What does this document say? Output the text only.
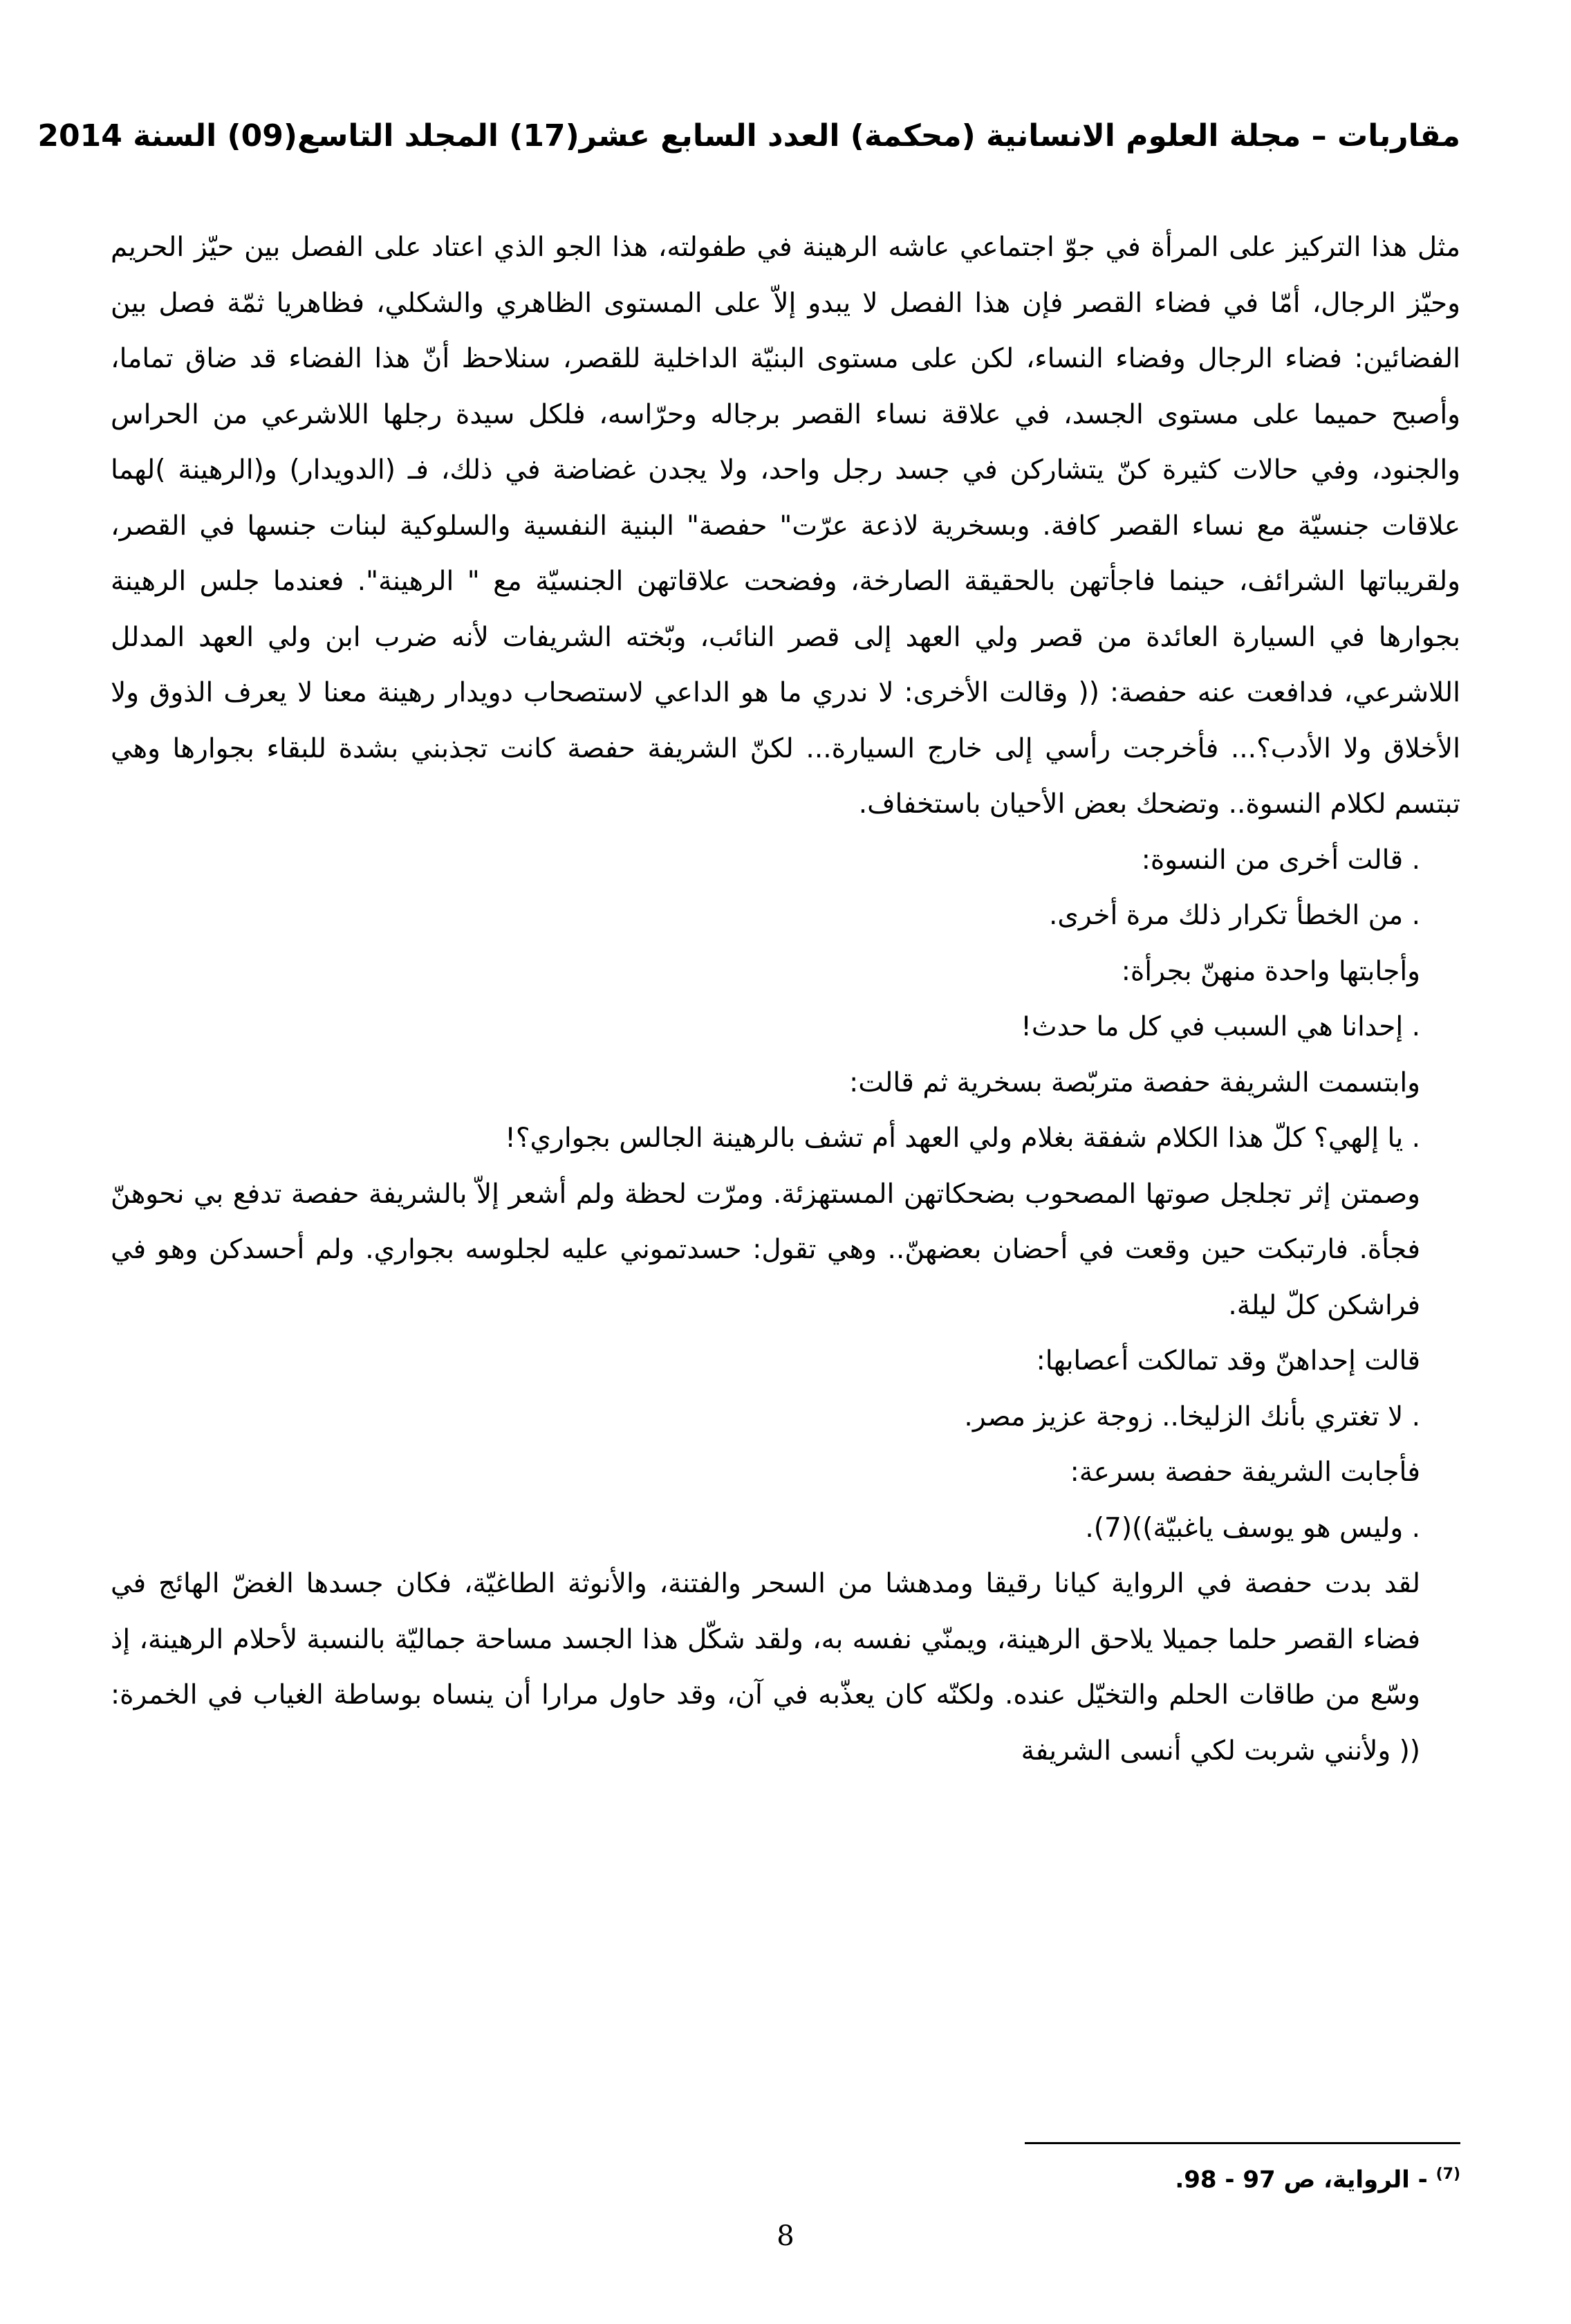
مقاربات – مجلة العلوم الانسانية (محكمة) العدد السابع عشر(17) المجلد التاسع(09) السنة 2014

مثل هذا التركيز على المرأة في جوّ اجتماعي عاشه الرهينة في طفولته، هذا الجو الذي اعتاد على الفصل بين حيّز الحريم وحيّز الرجال، أمّا في فضاء القصر فإن هذا الفصل لا يبدو إلاّ على المستوى الظاهري والشكلي، فظاهريا ثمّة فصل بين الفضائين: فضاء الرجال وفضاء النساء، لكن على مستوى البنيّة الداخلية للقصر، سنلاحظ أنّ هذا الفضاء قد ضاق تماما، وأصبح حميما على مستوى الجسد، في علاقة نساء القصر برجاله وحرّاسه، فلكل سيدة رجلها اللاشرعي من الحراس والجنود، وفي حالات كثيرة كنّ يتشاركن في جسد رجل واحد، ولا يجدن غضاضة في ذلك، فـ (الدويدار) و(الرهينة )لهما علاقات جنسيّة مع نساء القصر كافة. وبسخرية لاذعة عرّت" حفصة" البنية النفسية والسلوكية لبنات جنسها في القصر، ولقريباتها الشرائف، حينما فاجأتهن بالحقيقة الصارخة، وفضحت علاقاتهن الجنسيّة مع " الرهينة". فعندما جلس الرهينة بجوارها في السيارة العائدة من قصر ولي العهد إلى قصر النائب، وبّخته الشريفات لأنه ضرب ابن ولي العهد المدلل اللاشرعي، فدافعت عنه حفصة: (( وقالت الأخرى: لا ندري ما هو الداعي لاستصحاب دويدار رهينة معنا لا يعرف الذوق ولا الأخلاق ولا الأدب؟... فأخرجت رأسي إلى خارج السيارة... لكنّ الشريفة حفصة كانت تجذبني بشدة للبقاء بجوارها وهي تبتسم لكلام النسوة.. وتضحك بعض الأحيان باستخفاف.

. قالت أخرى من النسوة:

. من الخطأ تكرار ذلك مرة أخرى.

وأجابتها واحدة منهنّ بجرأة:

. إحدانا هي السبب في كل ما حدث!

وابتسمت الشريفة حفصة متربّصة بسخرية ثم قالت:

. يا إلهي؟ كلّ هذا الكلام شفقة بغلام ولي العهد أم تشف بالرهينة الجالس بجواري؟!

وصمتن إثر تجلجل صوتها المصحوب بضحكاتهن المستهزئة. ومرّت لحظة ولم أشعر إلاّ بالشريفة حفصة تدفع بي نحوهنّ فجأة. فارتبكت حين وقعت في أحضان بعضهنّ.. وهي تقول: حسدتموني عليه لجلوسه بجواري. ولم أحسدكن وهو في فراشكن كلّ ليلة.

قالت إحداهنّ وقد تمالكت أعصابها:

. لا تغتري بأنك الزليخا.. زوجة عزيز مصر.

فأجابت الشريفة حفصة بسرعة:

. وليس هو يوسف ياغبيّة))(7).

لقد بدت حفصة في الرواية كيانا رقيقا ومدهشا من السحر والفتنة، والأنوثة الطاغيّة، فكان جسدها الغضّ الهائج في فضاء القصر حلما جميلا يلاحق الرهينة، ويمنّي نفسه به، ولقد شكّل هذا الجسد مساحة جماليّة بالنسبة لأحلام الرهينة، إذ وسّع من طاقات الحلم والتخيّل عنده. ولكنّه كان يعذّبه في آن، وقد حاول مرارا أن ينساه بوساطة الغياب في الخمرة: (( ولأنني شربت لكي أنسى الشريفة

$^{(7)}$ - الرواية، ص 97 - 98.
8
